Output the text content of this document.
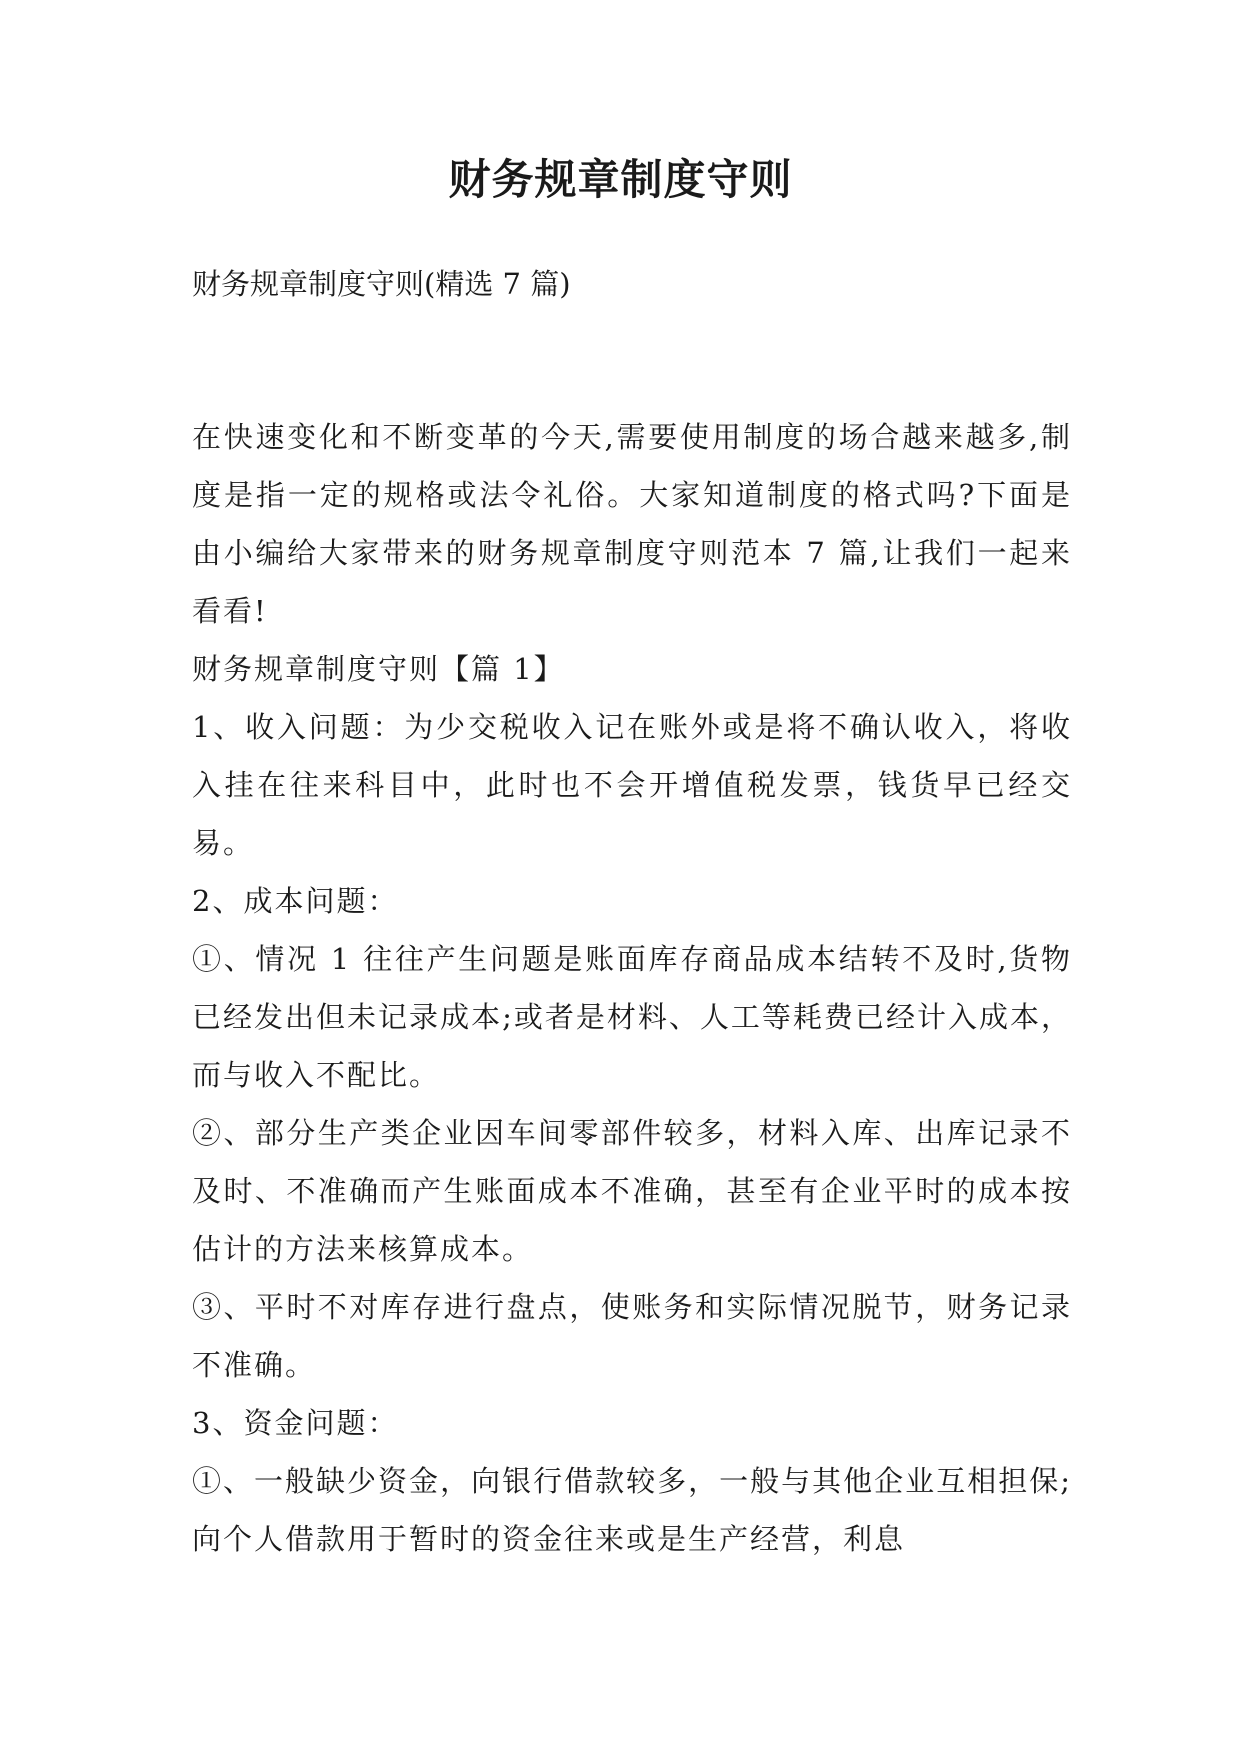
财务规章制度守则

财务规章制度守则(精选 7 篇)

在快速变化和不断变革的今天,需要使用制度的场合越来越多,制度是指一定的规格或法令礼俗。大家知道制度的格式吗?下面是由小编给大家带来的财务规章制度守则范本 7 篇,让我们一起来看看!

财务规章制度守则【篇 1】

1、收入问题：为少交税收入记在账外或是将不确认收入，将收入挂在往来科目中，此时也不会开增值税发票，钱货早已经交易。

2、成本问题：

①、情况 1 往往产生问题是账面库存商品成本结转不及时,货物已经发出但未记录成本;或者是材料、人工等耗费已经计入成本，而与收入不配比。

②、部分生产类企业因车间零部件较多，材料入库、出库记录不及时、不准确而产生账面成本不准确，甚至有企业平时的成本按估计的方法来核算成本。

③、平时不对库存进行盘点，使账务和实际情况脱节，财务记录不准确。

3、资金问题：

①、一般缺少资金，向银行借款较多，一般与其他企业互相担保;向个人借款用于暂时的资金往来或是生产经营，利息
